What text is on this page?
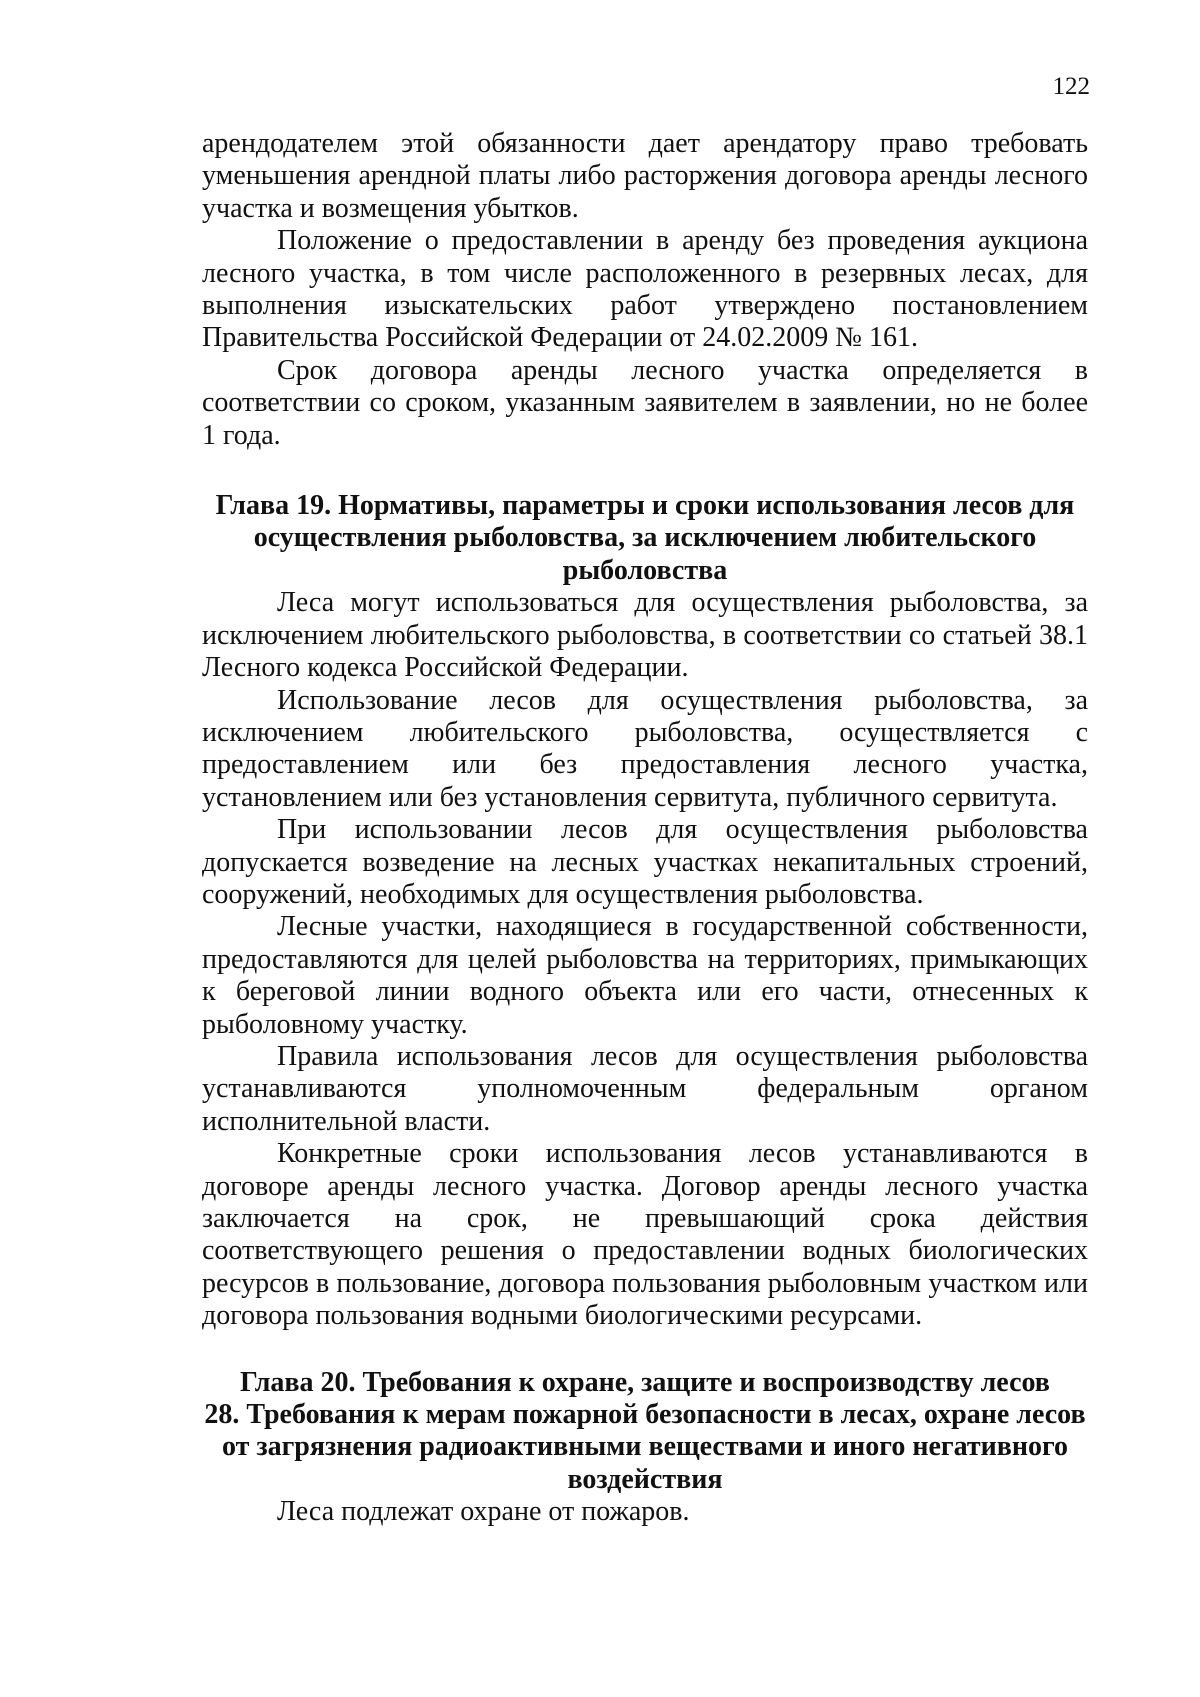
122

арендодателем этой обязанности дает арендатору право требовать уменьшения арендной платы либо расторжения договора аренды лесного участка и возмещения убытков.

Положение о предоставлении в аренду без проведения аукциона лесного участка, в том числе расположенного в резервных лесах, для выполнения изыскательских работ утверждено постановлением Правительства Российской Федерации от 24.02.2009 № 161.

Срок договора аренды лесного участка определяется в соответствии со сроком, указанным заявителем в заявлении, но не более 1 года.

Глава 19. Нормативы, параметры и сроки использования лесов для осуществления рыболовства, за исключением любительского рыболовства

Леса могут использоваться для осуществления рыболовства, за исключением любительского рыболовства, в соответствии со статьей 38.1 Лесного кодекса Российской Федерации.

Использование лесов для осуществления рыболовства, за исключением любительского рыболовства, осуществляется с предоставлением или без предоставления лесного участка, установлением или без установления сервитута, публичного сервитута.

При использовании лесов для осуществления рыболовства допускается возведение на лесных участках некапитальных строений, сооружений, необходимых для осуществления рыболовства.

Лесные участки, находящиеся в государственной собственности, предоставляются для целей рыболовства на территориях, примыкающих к береговой линии водного объекта или его части, отнесенных к рыболовному участку.

Правила использования лесов для осуществления рыболовства устанавливаются уполномоченным федеральным органом исполнительной власти.

Конкретные сроки использования лесов устанавливаются в договоре аренды лесного участка. Договор аренды лесного участка заключается на срок, не превышающий срока действия соответствующего решения о предоставлении водных биологических ресурсов в пользование, договора пользования рыболовным участком или договора пользования водными биологическими ресурсами.

Глава 20. Требования к охране, защите и воспроизводству лесов
28. Требования к мерам пожарной безопасности в лесах, охране лесов от загрязнения радиоактивными веществами и иного негативного воздействия

Леса подлежат охране от пожаров.
